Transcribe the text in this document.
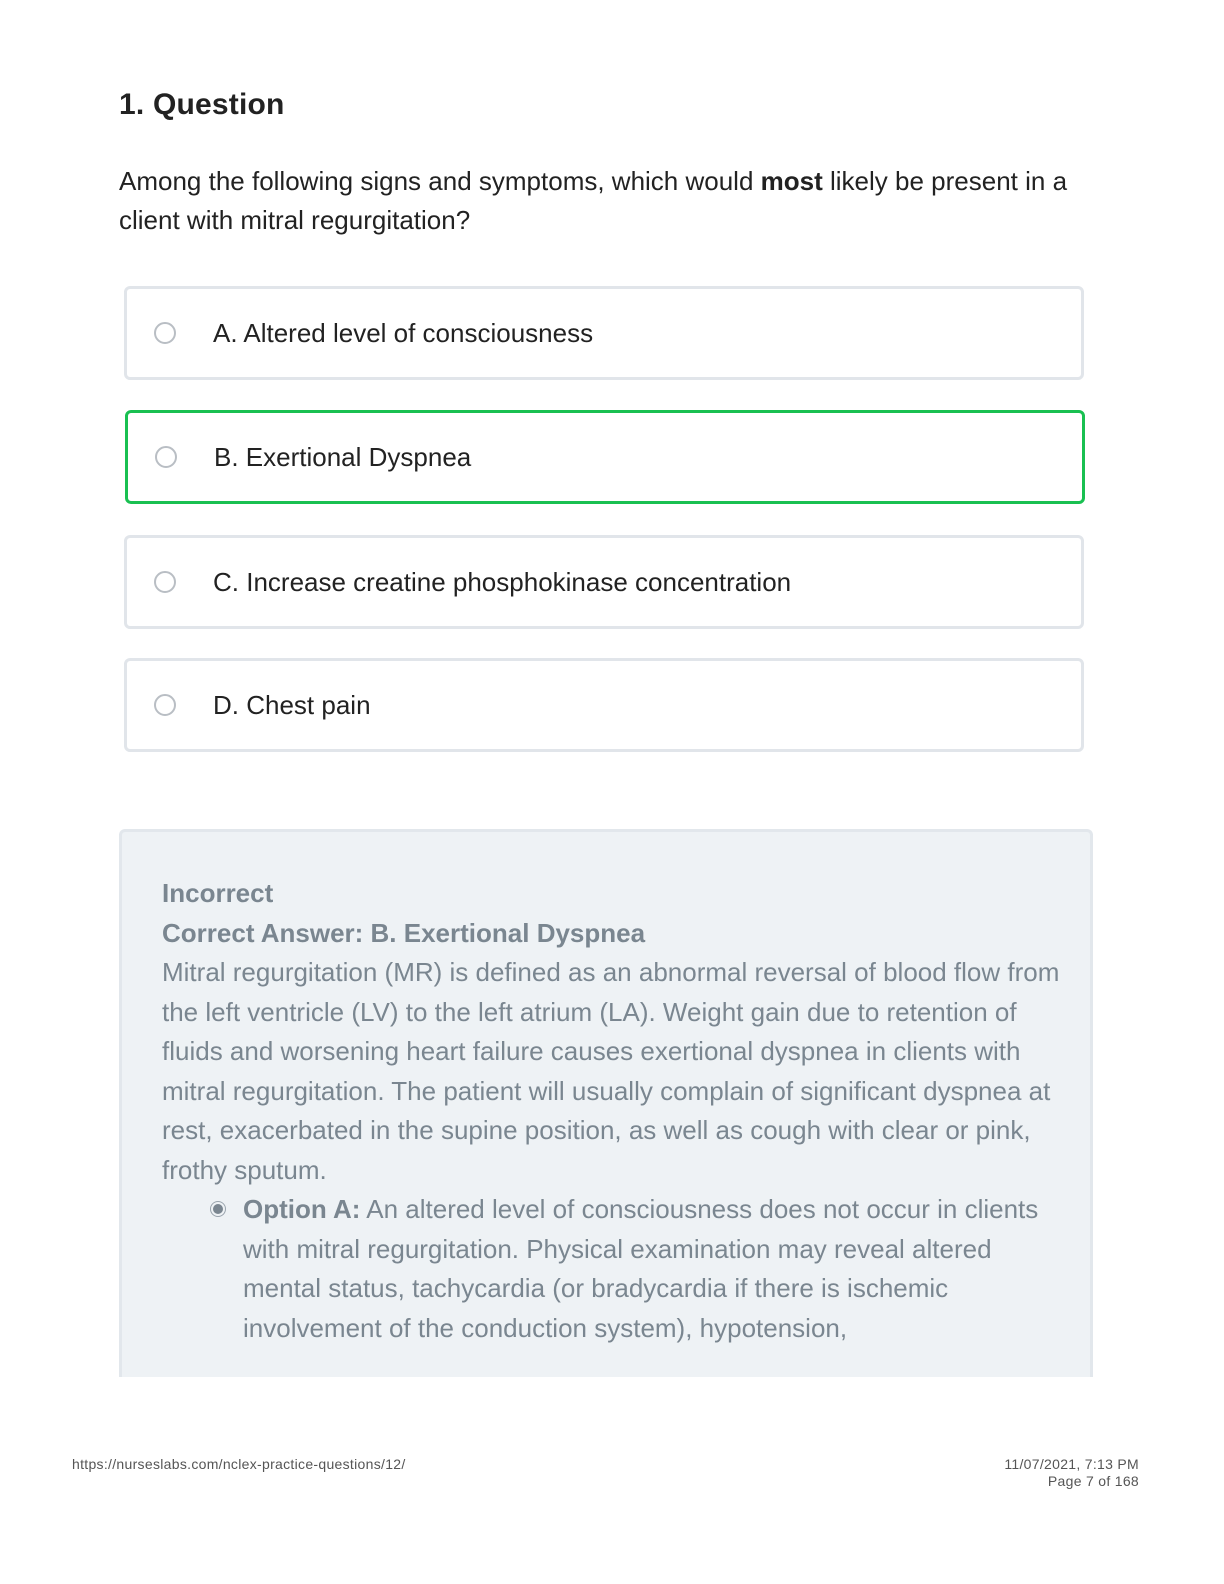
1. Question

Among the following signs and symptoms, which would most likely be present in a client with mitral regurgitation?

A. Altered level of consciousness
B. Exertional Dyspnea
C. Increase creatine phosphokinase concentration
D. Chest pain
Incorrect
Correct Answer: B. Exertional Dyspnea

Mitral regurgitation (MR) is defined as an abnormal reversal of blood flow from the left ventricle (LV) to the left atrium (LA). Weight gain due to retention of fluids and worsening heart failure causes exertional dyspnea in clients with mitral regurgitation. The patient will usually complain of significant dyspnea at rest, exacerbated in the supine position, as well as cough with clear or pink, frothy sputum.

Option A: An altered level of consciousness does not occur in clients with mitral regurgitation. Physical examination may reveal altered mental status, tachycardia (or bradycardia if there is ischemic involvement of the conduction system), hypotension,
https://nurseslabs.com/nclex-practice-questions/12/	11/07/2021, 7:13 PM
Page 7 of 168
